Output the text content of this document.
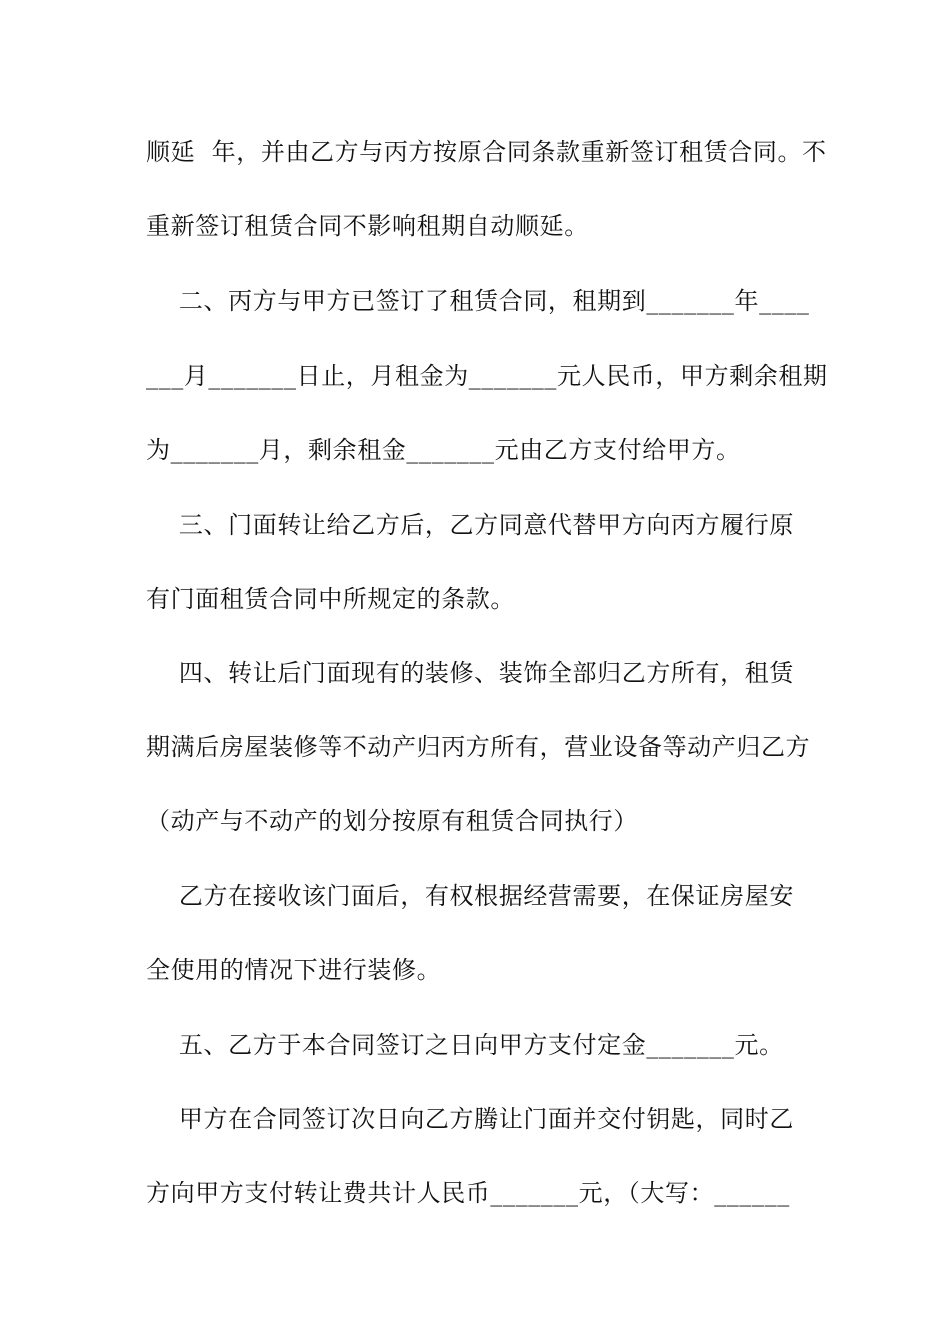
顺延  年，并由乙方与丙方按原合同条款重新签订租赁合同。不

重新签订租赁合同不影响租期自动顺延。

二、丙方与甲方已签订了租赁合同，租期到_______年____

___月_______日止，月租金为_______元人民币，甲方剩余租期

为_______月，剩余租金_______元由乙方支付给甲方。

三、门面转让给乙方后，乙方同意代替甲方向丙方履行原

有门面租赁合同中所规定的条款。

四、转让后门面现有的装修、装饰全部归乙方所有，租赁

期满后房屋装修等不动产归丙方所有，营业设备等动产归乙方

（动产与不动产的划分按原有租赁合同执行）

乙方在接收该门面后，有权根据经营需要，在保证房屋安

全使用的情况下进行装修。

五、乙方于本合同签订之日向甲方支付定金_______元。

甲方在合同签订次日向乙方腾让门面并交付钥匙，同时乙

方向甲方支付转让费共计人民币_______元，（大写：______
